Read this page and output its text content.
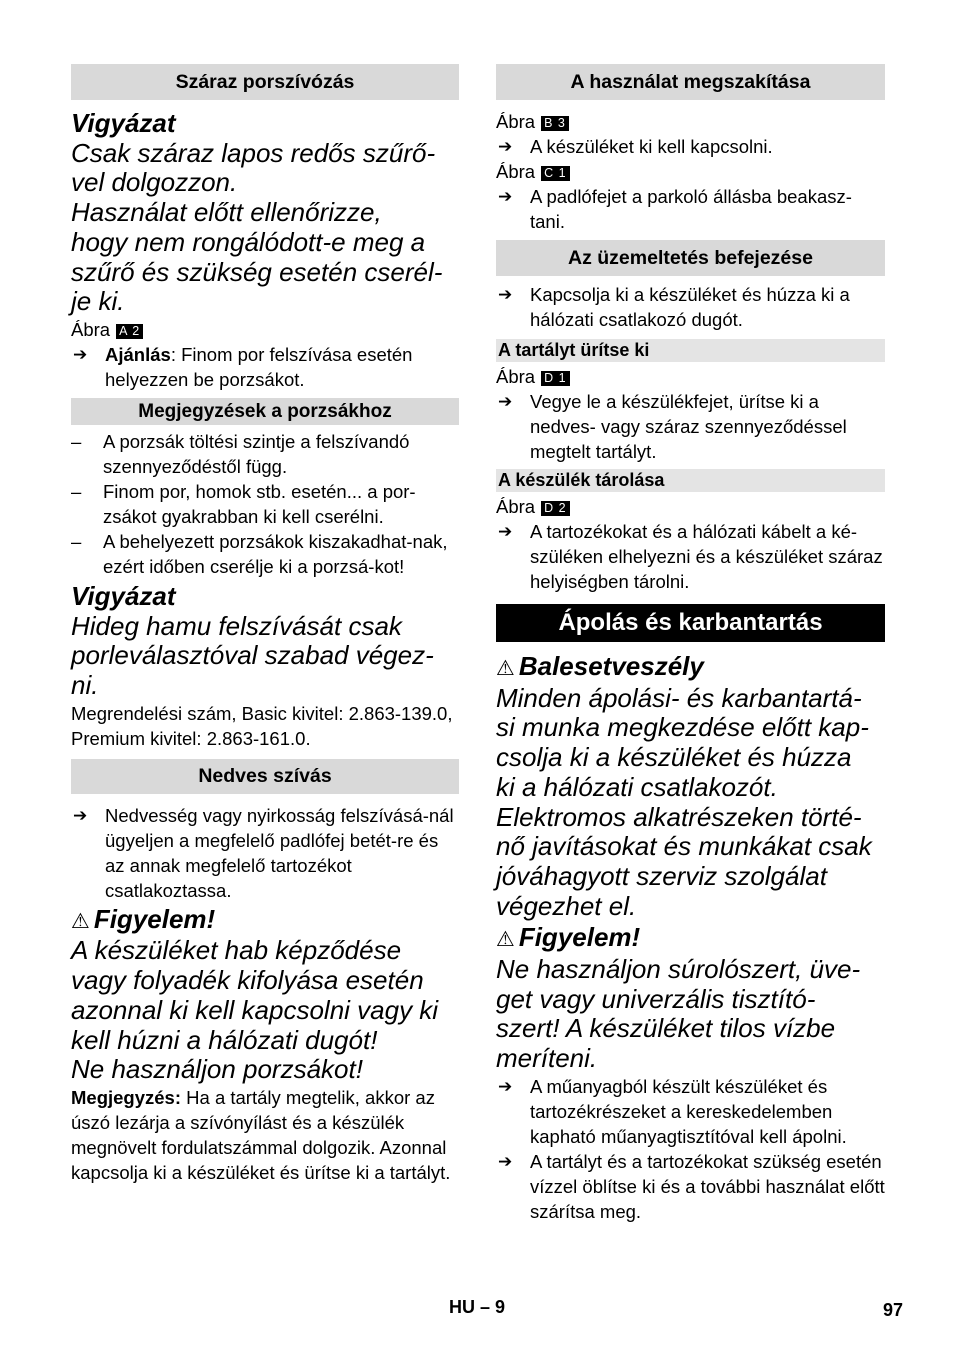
Száraz porszívózás
Vigyázat
Csak száraz lapos redős szűrő-
vel dolgozzon.
Használat előtt ellenőrizze,
hogy nem rongálódott-e meg a
szűrő és szükség esetén cserél-
je ki.
Ábra A 2
➔ Ajánlás: Finom por felszívása esetén helyezzen be porzsákot.
Megjegyzések a porzsákhoz
–	A porzsák töltési szintje a felszívandó szennyeződéstől függ.
–	Finom por, homok stb. esetén... a por-zsákot gyakrabban ki kell cserélni.
–	A behelyezett porzsákok kiszakadhat-nak, ezért időben cserélje ki a porzsá-kot!
Vigyázat
Hideg hamu felszívását csak
porleválasztóval szabad végez-
ni.
Megrendelési szám, Basic kivitel: 2.863-139.0, Premium kivitel: 2.863-161.0.
Nedves szívás
➔ Nedvesség vagy nyirkosság felszívásá-nál ügyeljen a megfelelő padlófej betét-re és az annak megfelelő tartozékot csatlakoztassa.
⚠ Figyelem!
A készüléket hab képződése
vagy folyadék kifolyása esetén
azonnal ki kell kapcsolni vagy ki
kell húzni a hálózati dugót!
Ne használjon porzsákot!
Megjegyzés: Ha a tartály megtelik, akkor az úszó lezárja a szívónyílást és a készülék megnövelt fordulatszámmal dolgozik. Azonnal kapcsolja ki a készüléket és ürítse ki a tartályt.
A használat megszakítása
Ábra B 3
➔ A készüléket ki kell kapcsolni.
Ábra C 1
➔ A padlófejet a parkoló állásba beakasz-tani.
Az üzemeltetés befejezése
➔ Kapcsolja ki a készüléket és húzza ki a hálózati csatlakozó dugót.
A tartályt ürítse ki
Ábra D 1
➔ Vegye le a készülékfejet, ürítse ki a nedves- vagy száraz szennyeződéssel megtelt tartályt.
A készülék tárolása
Ábra D 2
➔ A tartozékokat és a hálózati kábelt a ké-szüléken elhelyezni és a készüléket száraz helyiségben tárolni.
Ápolás és karbantartás
⚠ Balesetveszély
Minden ápolási- és karbantartá-
si munka megkezdése előtt kap-
csolja ki a készüléket és húzza
ki a hálózati csatlakozót.
Elektromos alkatrészeken törté-
nő javításokat és munkákat csak
jóváhagyott szerviz szolgálat
végezhet el.
⚠ Figyelem!
Ne használjon súrolószert, üve-
get vagy univerzális tisztító-
szert! A készüléket tilos vízbe
meríteni.
➔ A műanyagból készült készüléket és tartozékrészeket a kereskedelemben kapható műanyagtisztítóval kell ápolni.
➔ A tartályt és a tartozékokat szükség esetén vízzel öblítse ki és a további használat előtt szárítsa meg.
HU – 9	97
